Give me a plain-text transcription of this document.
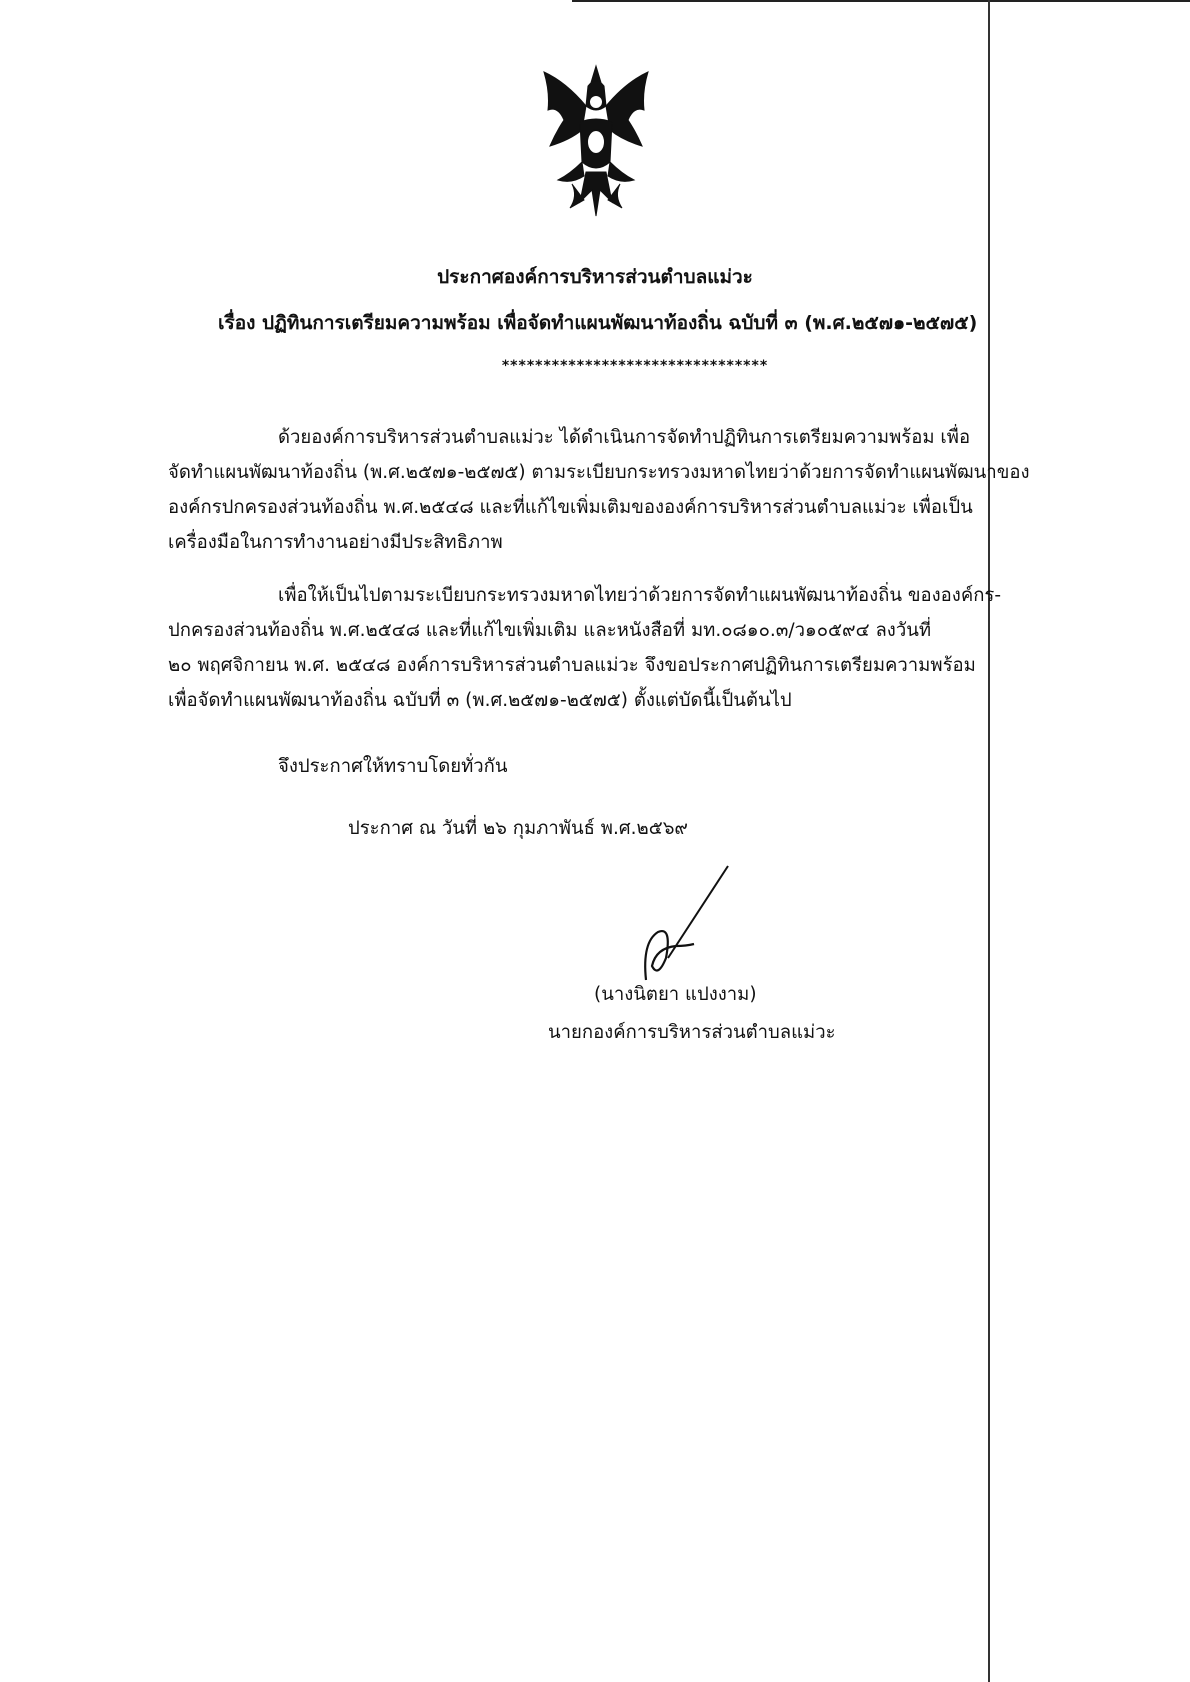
ประกาศองค์การบริหารส่วนตำบลแม่วะ
เรื่อง ปฏิทินการเตรียมความพร้อม เพื่อจัดทำแผนพัฒนาท้องถิ่น ฉบับที่ ๓ (พ.ศ.๒๕๗๑-๒๕๗๕)
********************************
ด้วยองค์การบริหารส่วนตำบลแม่วะ ได้ดำเนินการจัดทำปฏิทินการเตรียมความพร้อม เพื่อ
จัดทำแผนพัฒนาท้องถิ่น (พ.ศ.๒๕๗๑-๒๕๗๕) ตามระเบียบกระทรวงมหาดไทยว่าด้วยการจัดทำแผนพัฒนาของ
องค์กรปกครองส่วนท้องถิ่น พ.ศ.๒๕๔๘ และที่แก้ไขเพิ่มเติมขององค์การบริหารส่วนตำบลแม่วะ เพื่อเป็น
เครื่องมือในการทำงานอย่างมีประสิทธิภาพ
เพื่อให้เป็นไปตามระเบียบกระทรวงมหาดไทยว่าด้วยการจัดทำแผนพัฒนาท้องถิ่น ขององค์กร-
ปกครองส่วนท้องถิ่น พ.ศ.๒๕๔๘ และที่แก้ไขเพิ่มเติม และหนังสือที่ มท.๐๘๑๐.๓/ว๑๐๕๙๔ ลงวันที่
๒๐ พฤศจิกายน พ.ศ. ๒๕๔๘ องค์การบริหารส่วนตำบลแม่วะ จึงขอประกาศปฏิทินการเตรียมความพร้อม
เพื่อจัดทำแผนพัฒนาท้องถิ่น ฉบับที่ ๓ (พ.ศ.๒๕๗๑-๒๕๗๕) ตั้งแต่บัดนี้เป็นต้นไป
จึงประกาศให้ทราบโดยทั่วกัน
ประกาศ ณ วันที่ ๒๖ กุมภาพันธ์ พ.ศ.๒๕๖๙
(นางนิตยา แปงงาม)
นายกองค์การบริหารส่วนตำบลแม่วะ
